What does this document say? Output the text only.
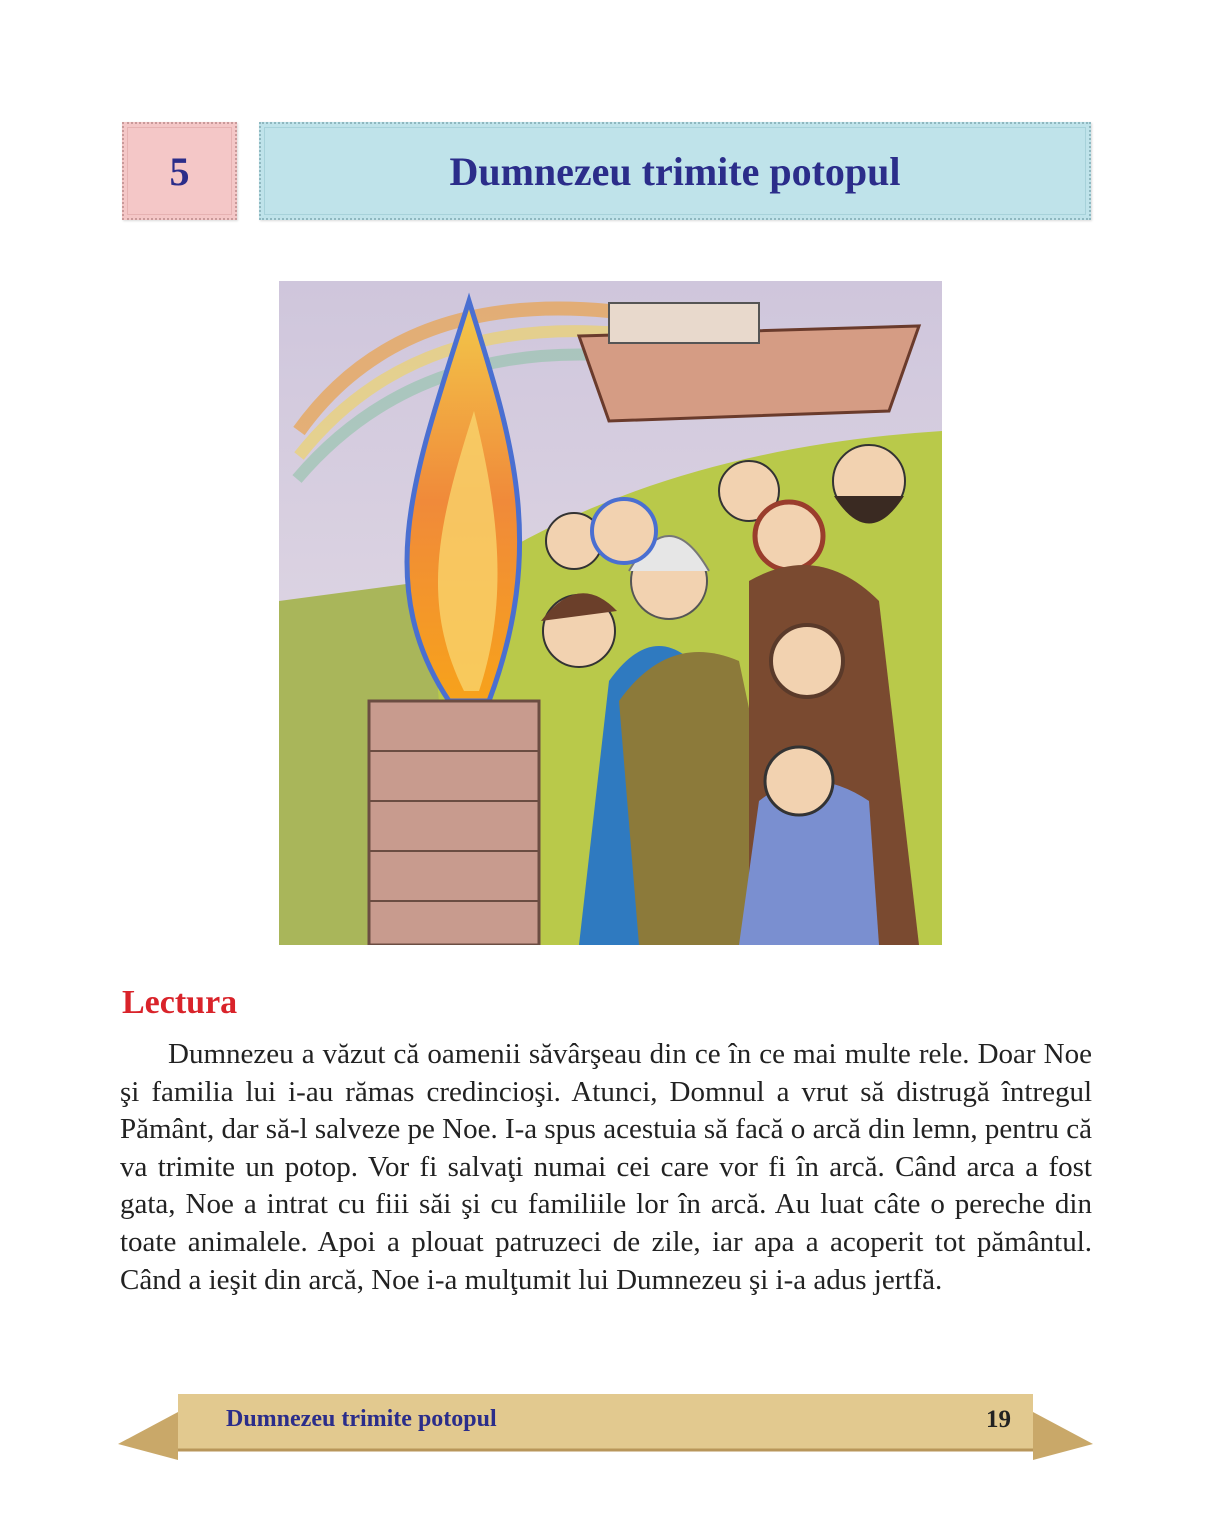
5	Dumnezeu trimite potopul
Lectura

Dumnezeu a văzut că oamenii săvârşeau din ce în ce mai multe rele. Doar Noe şi familia lui i-au rămas credincioşi. Atunci, Domnul a vrut să distrugă întregul Pământ, dar să-l salveze pe Noe. I-a spus acestuia să facă o arcă din lemn, pentru că va trimite un potop. Vor fi salvaţi numai cei care vor fi în arcă. Când arca a fost gata, Noe a intrat cu fiii săi şi cu familiile lor în arcă. Au luat câte o pereche din toate animalele. Apoi a plouat patruzeci de zile, iar apa a acoperit tot pământul. Când a ieşit din arcă, Noe i-a mulţumit lui Dumnezeu şi i-a adus jertfă.

Dumnezeu trimite potopul	19
